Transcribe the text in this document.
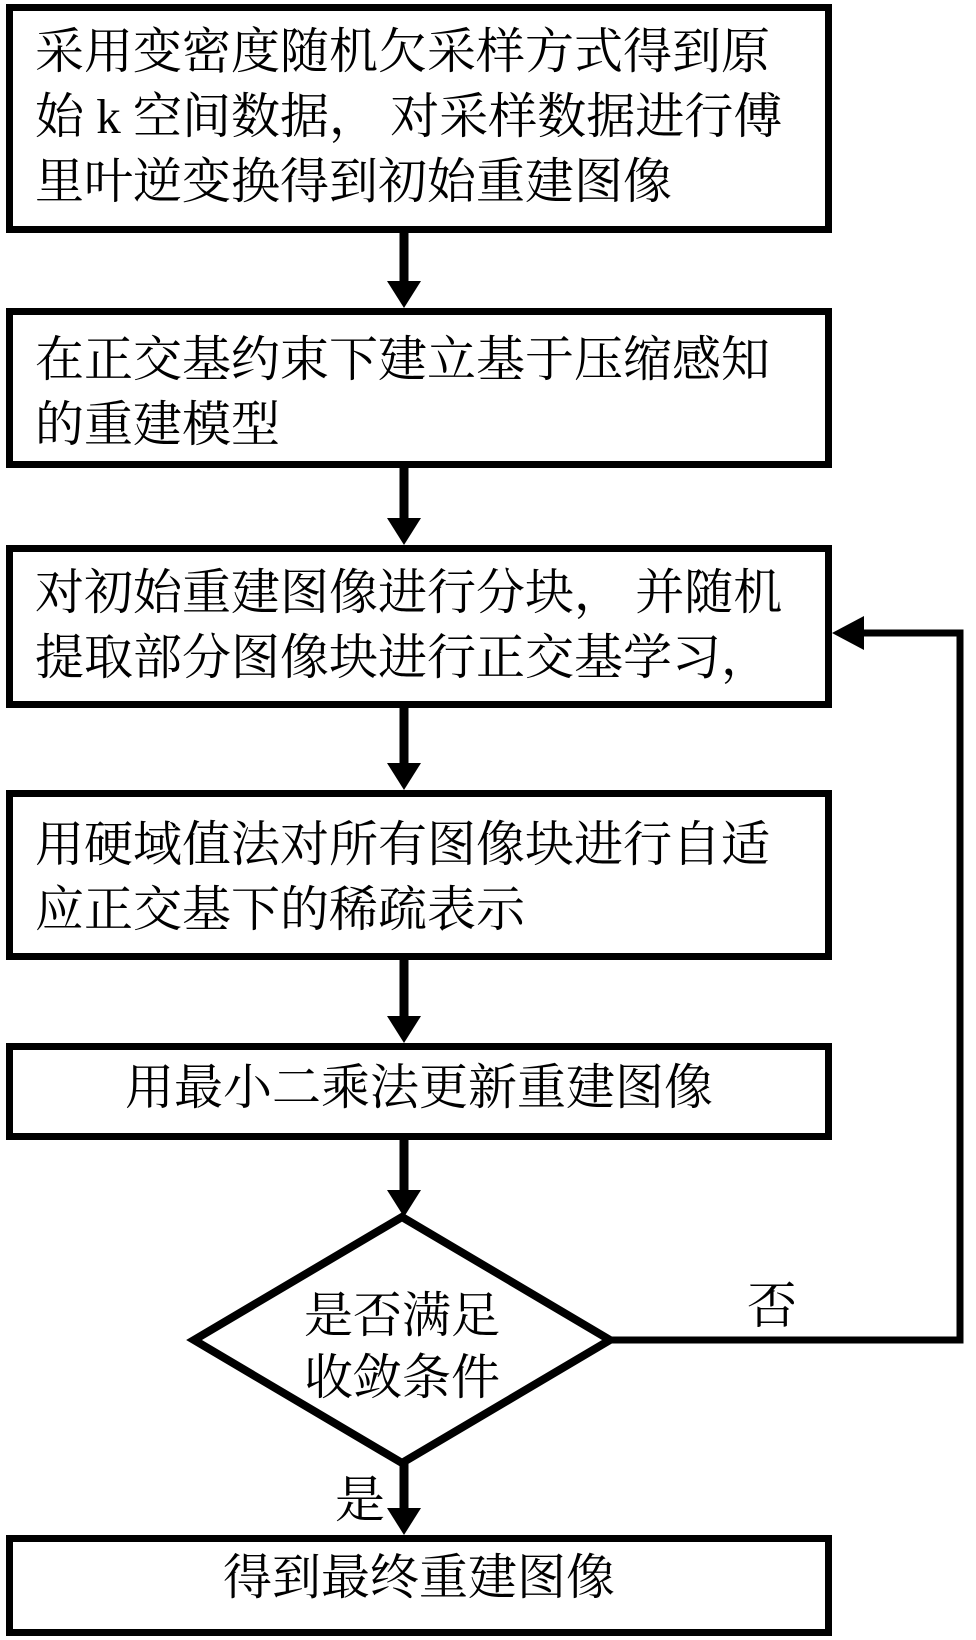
采用变密度随机欠采样方式得到原
始 k 空间数据， 对采样数据进行傅
里叶逆变换得到初始重建图像
在正交基约束下建立基于压缩感知
的重建模型
对初始重建图像进行分块， 并随机
提取部分图像块进行正交基学习，
用硬域值法对所有图像块进行自适
应正交基下的稀疏表示
用最小二乘法更新重建图像
得到最终重建图像
是否满足
收敛条件
是
否
